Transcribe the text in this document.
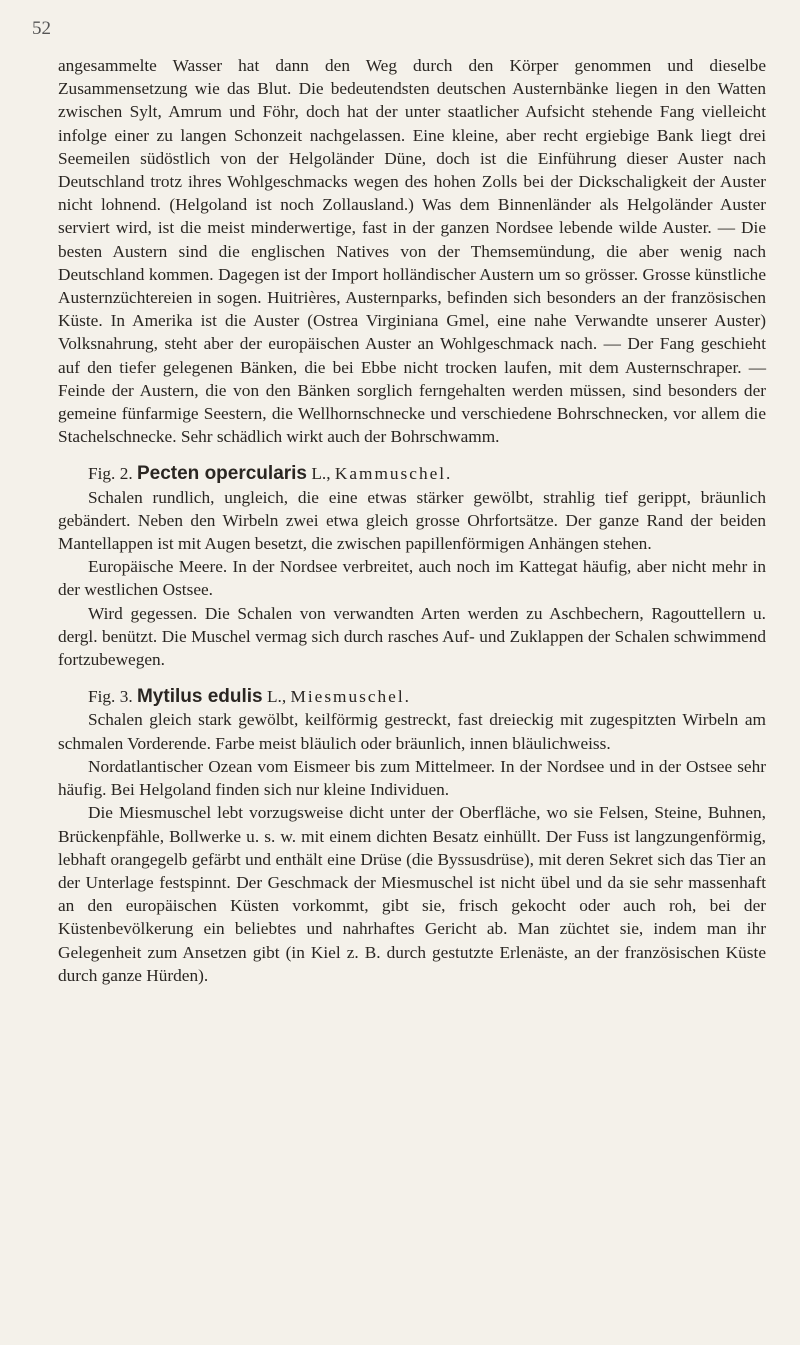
52

angesammelte Wasser hat dann den Weg durch den Körper genommen und dieselbe Zusammensetzung wie das Blut. Die bedeutendsten deutschen Austernbänke liegen in den Watten zwischen Sylt, Amrum und Föhr, doch hat der unter staatlicher Aufsicht stehende Fang vielleicht infolge einer zu langen Schonzeit nachgelassen. Eine kleine, aber recht ergiebige Bank liegt drei Seemeilen südöstlich von der Helgoländer Düne, doch ist die Einführung dieser Auster nach Deutschland trotz ihres Wohlgeschmacks wegen des hohen Zolls bei der Dickschaligkeit der Auster nicht lohnend. (Helgoland ist noch Zollausland.) Was dem Binnenländer als Helgoländer Auster serviert wird, ist die meist minderwertige, fast in der ganzen Nordsee lebende wilde Auster. — Die besten Austern sind die englischen Natives von der Themsemündung, die aber wenig nach Deutschland kommen. Dagegen ist der Import holländischer Austern um so grösser. Grosse künstliche Austernzüchtereien in sogen. Huitrières, Austernparks, befinden sich besonders an der französischen Küste. In Amerika ist die Auster (Ostrea Virginiana Gmel, eine nahe Verwandte unserer Auster) Volksnahrung, steht aber der europäischen Auster an Wohlgeschmack nach. — Der Fang geschieht auf den tiefer gelegenen Bänken, die bei Ebbe nicht trocken laufen, mit dem Austernschraper. — Feinde der Austern, die von den Bänken sorglich ferngehalten werden müssen, sind besonders der gemeine fünfarmige Seestern, die Wellhornschnecke und verschiedene Bohrschnecken, vor allem die Stachelschnecke. Sehr schädlich wirkt auch der Bohrschwamm.

Fig. 2. Pecten opercularis L., Kammuschel.

Schalen rundlich, ungleich, die eine etwas stärker gewölbt, strahlig tief gerippt, bräunlich gebändert. Neben den Wirbeln zwei etwa gleich grosse Ohrfortsätze. Der ganze Rand der beiden Mantellappen ist mit Augen besetzt, die zwischen papillenförmigen Anhängen stehen.

Europäische Meere. In der Nordsee verbreitet, auch noch im Kattegat häufig, aber nicht mehr in der westlichen Ostsee.

Wird gegessen. Die Schalen von verwandten Arten werden zu Aschbechern, Ragouttellern u. dergl. benützt. Die Muschel vermag sich durch rasches Auf- und Zuklappen der Schalen schwimmend fortzubewegen.

Fig. 3. Mytilus edulis L., Miesmuschel.

Schalen gleich stark gewölbt, keilförmig gestreckt, fast dreieckig mit zugespitzten Wirbeln am schmalen Vorderende. Farbe meist bläulich oder bräunlich, innen bläulichweiss.

Nordatlantischer Ozean vom Eismeer bis zum Mittelmeer. In der Nordsee und in der Ostsee sehr häufig. Bei Helgoland finden sich nur kleine Individuen.

Die Miesmuschel lebt vorzugsweise dicht unter der Oberfläche, wo sie Felsen, Steine, Buhnen, Brückenpfähle, Bollwerke u. s. w. mit einem dichten Besatz einhüllt. Der Fuss ist langzungenförmig, lebhaft orangegelb gefärbt und enthält eine Drüse (die Byssusdrüse), mit deren Sekret sich das Tier an der Unterlage festspinnt. Der Geschmack der Miesmuschel ist nicht übel und da sie sehr massenhaft an den europäischen Küsten vorkommt, gibt sie, frisch gekocht oder auch roh, bei der Küstenbevölkerung ein beliebtes und nahrhaftes Gericht ab. Man züchtet sie, indem man ihr Gelegenheit zum Ansetzen gibt (in Kiel z. B. durch gestutzte Erlenäste, an der französischen Küste durch ganze Hürden).
